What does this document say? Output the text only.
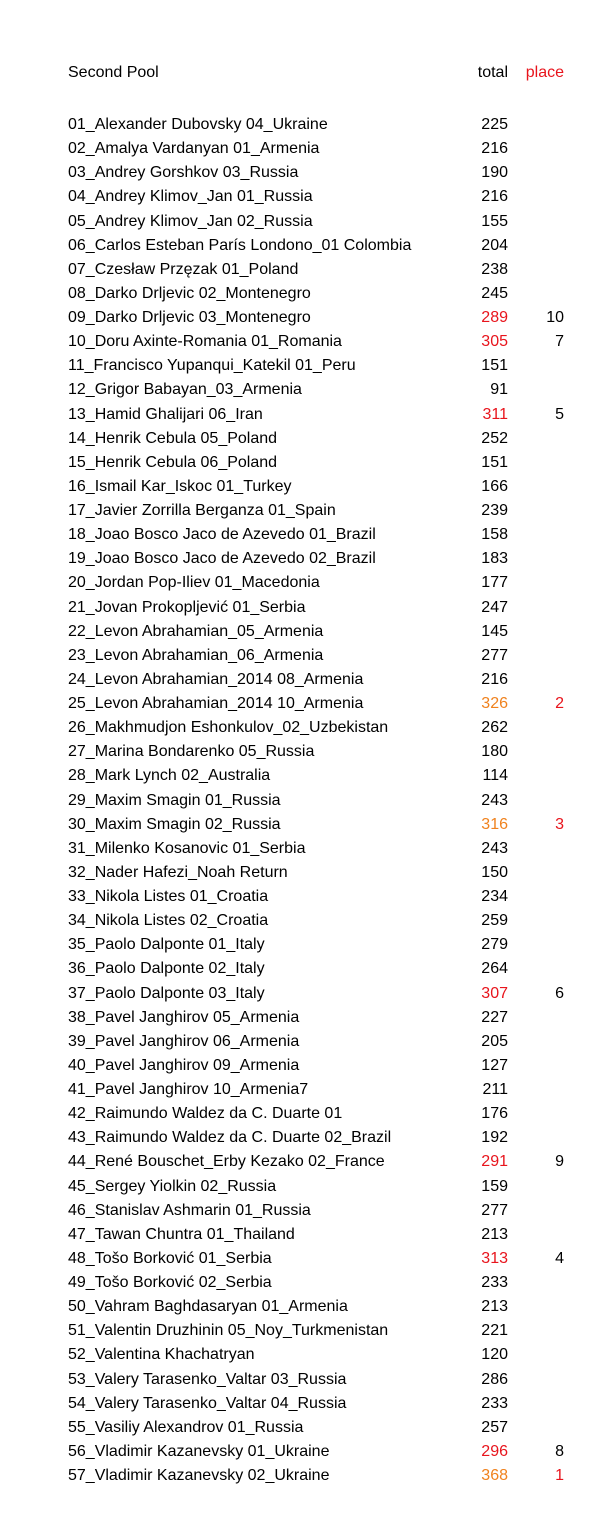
Second Pool	total place
01_Alexander Dubovsky 04_Ukraine	225
02_Amalya Vardanyan 01_Armenia	216
03_Andrey Gorshkov 03_Russia	190
04_Andrey Klimov_Jan 01_Russia	216
05_Andrey Klimov_Jan 02_Russia	155
06_Carlos Esteban París Londono_01 Colombia	204
07_Czesław Przęzak 01_Poland	238
08_Darko Drljevic 02_Montenegro	245
09_Darko Drljevic 03_Montenegro	289 10
10_Doru Axinte-Romania 01_Romania	305	7
11_Francisco Yupanqui_Katekil 01_Peru	151
12_Grigor Babayan_03_Armenia	91
13_Hamid Ghalijari 06_Iran	311	5
14_Henrik Cebula 05_Poland	252
15_Henrik Cebula 06_Poland	151
16_Ismail Kar_Iskoc 01_Turkey	166
17_Javier Zorrilla Berganza 01_Spain	239
18_Joao Bosco Jaco de Azevedo 01_Brazil	158
19_Joao Bosco Jaco de Azevedo 02_Brazil	183
20_Jordan Pop-Iliev 01_Macedonia	177
21_Jovan Prokopljević 01_Serbia	247
22_Levon Abrahamian_05_Armenia	145
23_Levon Abrahamian_06_Armenia	277
24_Levon Abrahamian_2014 08_Armenia	216
25_Levon Abrahamian_2014 10_Armenia	326	2
26_Makhmudjon Eshonkulov_02_Uzbekistan	262
27_Marina Bondarenko 05_Russia	180
28_Mark Lynch 02_Australia	114
29_Maxim Smagin 01_Russia	243
30_Maxim Smagin 02_Russia	316	3
31_Milenko Kosanovic 01_Serbia	243
32_Nader Hafezi_Noah Return	150
33_Nikola Listes 01_Croatia	234
34_Nikola Listes 02_Croatia	259
35_Paolo Dalponte 01_Italy	279
36_Paolo Dalponte 02_Italy	264
37_Paolo Dalponte 03_Italy	307	6
38_Pavel Janghirov 05_Armenia	227
39_Pavel Janghirov 06_Armenia	205
40_Pavel Janghirov 09_Armenia	127
41_Pavel Janghirov 10_Armenia7	211
42_Raimundo Waldez da C. Duarte 01	176
43_Raimundo Waldez da C. Duarte 02_Brazil	192
44_René Bouschet_Erby Kezako 02_France	291	9
45_Sergey Yiolkin 02_Russia	159
46_Stanislav Ashmarin 01_Russia	277
47_Tawan Chuntra 01_Thailand	213
48_Tošo Borković 01_Serbia	313	4
49_Tošo Borković 02_Serbia	233
50_Vahram Baghdasaryan 01_Armenia	213
51_Valentin Druzhinin 05_Noy_Turkmenistan	221
52_Valentina Khachatryan	120
53_Valery Tarasenko_Valtar 03_Russia	286
54_Valery Tarasenko_Valtar 04_Russia	233
55_Vasiliy Alexandrov 01_Russia	257
56_Vladimir Kazanevsky 01_Ukraine	296	8
57_Vladimir Kazanevsky 02_Ukraine	368	1
